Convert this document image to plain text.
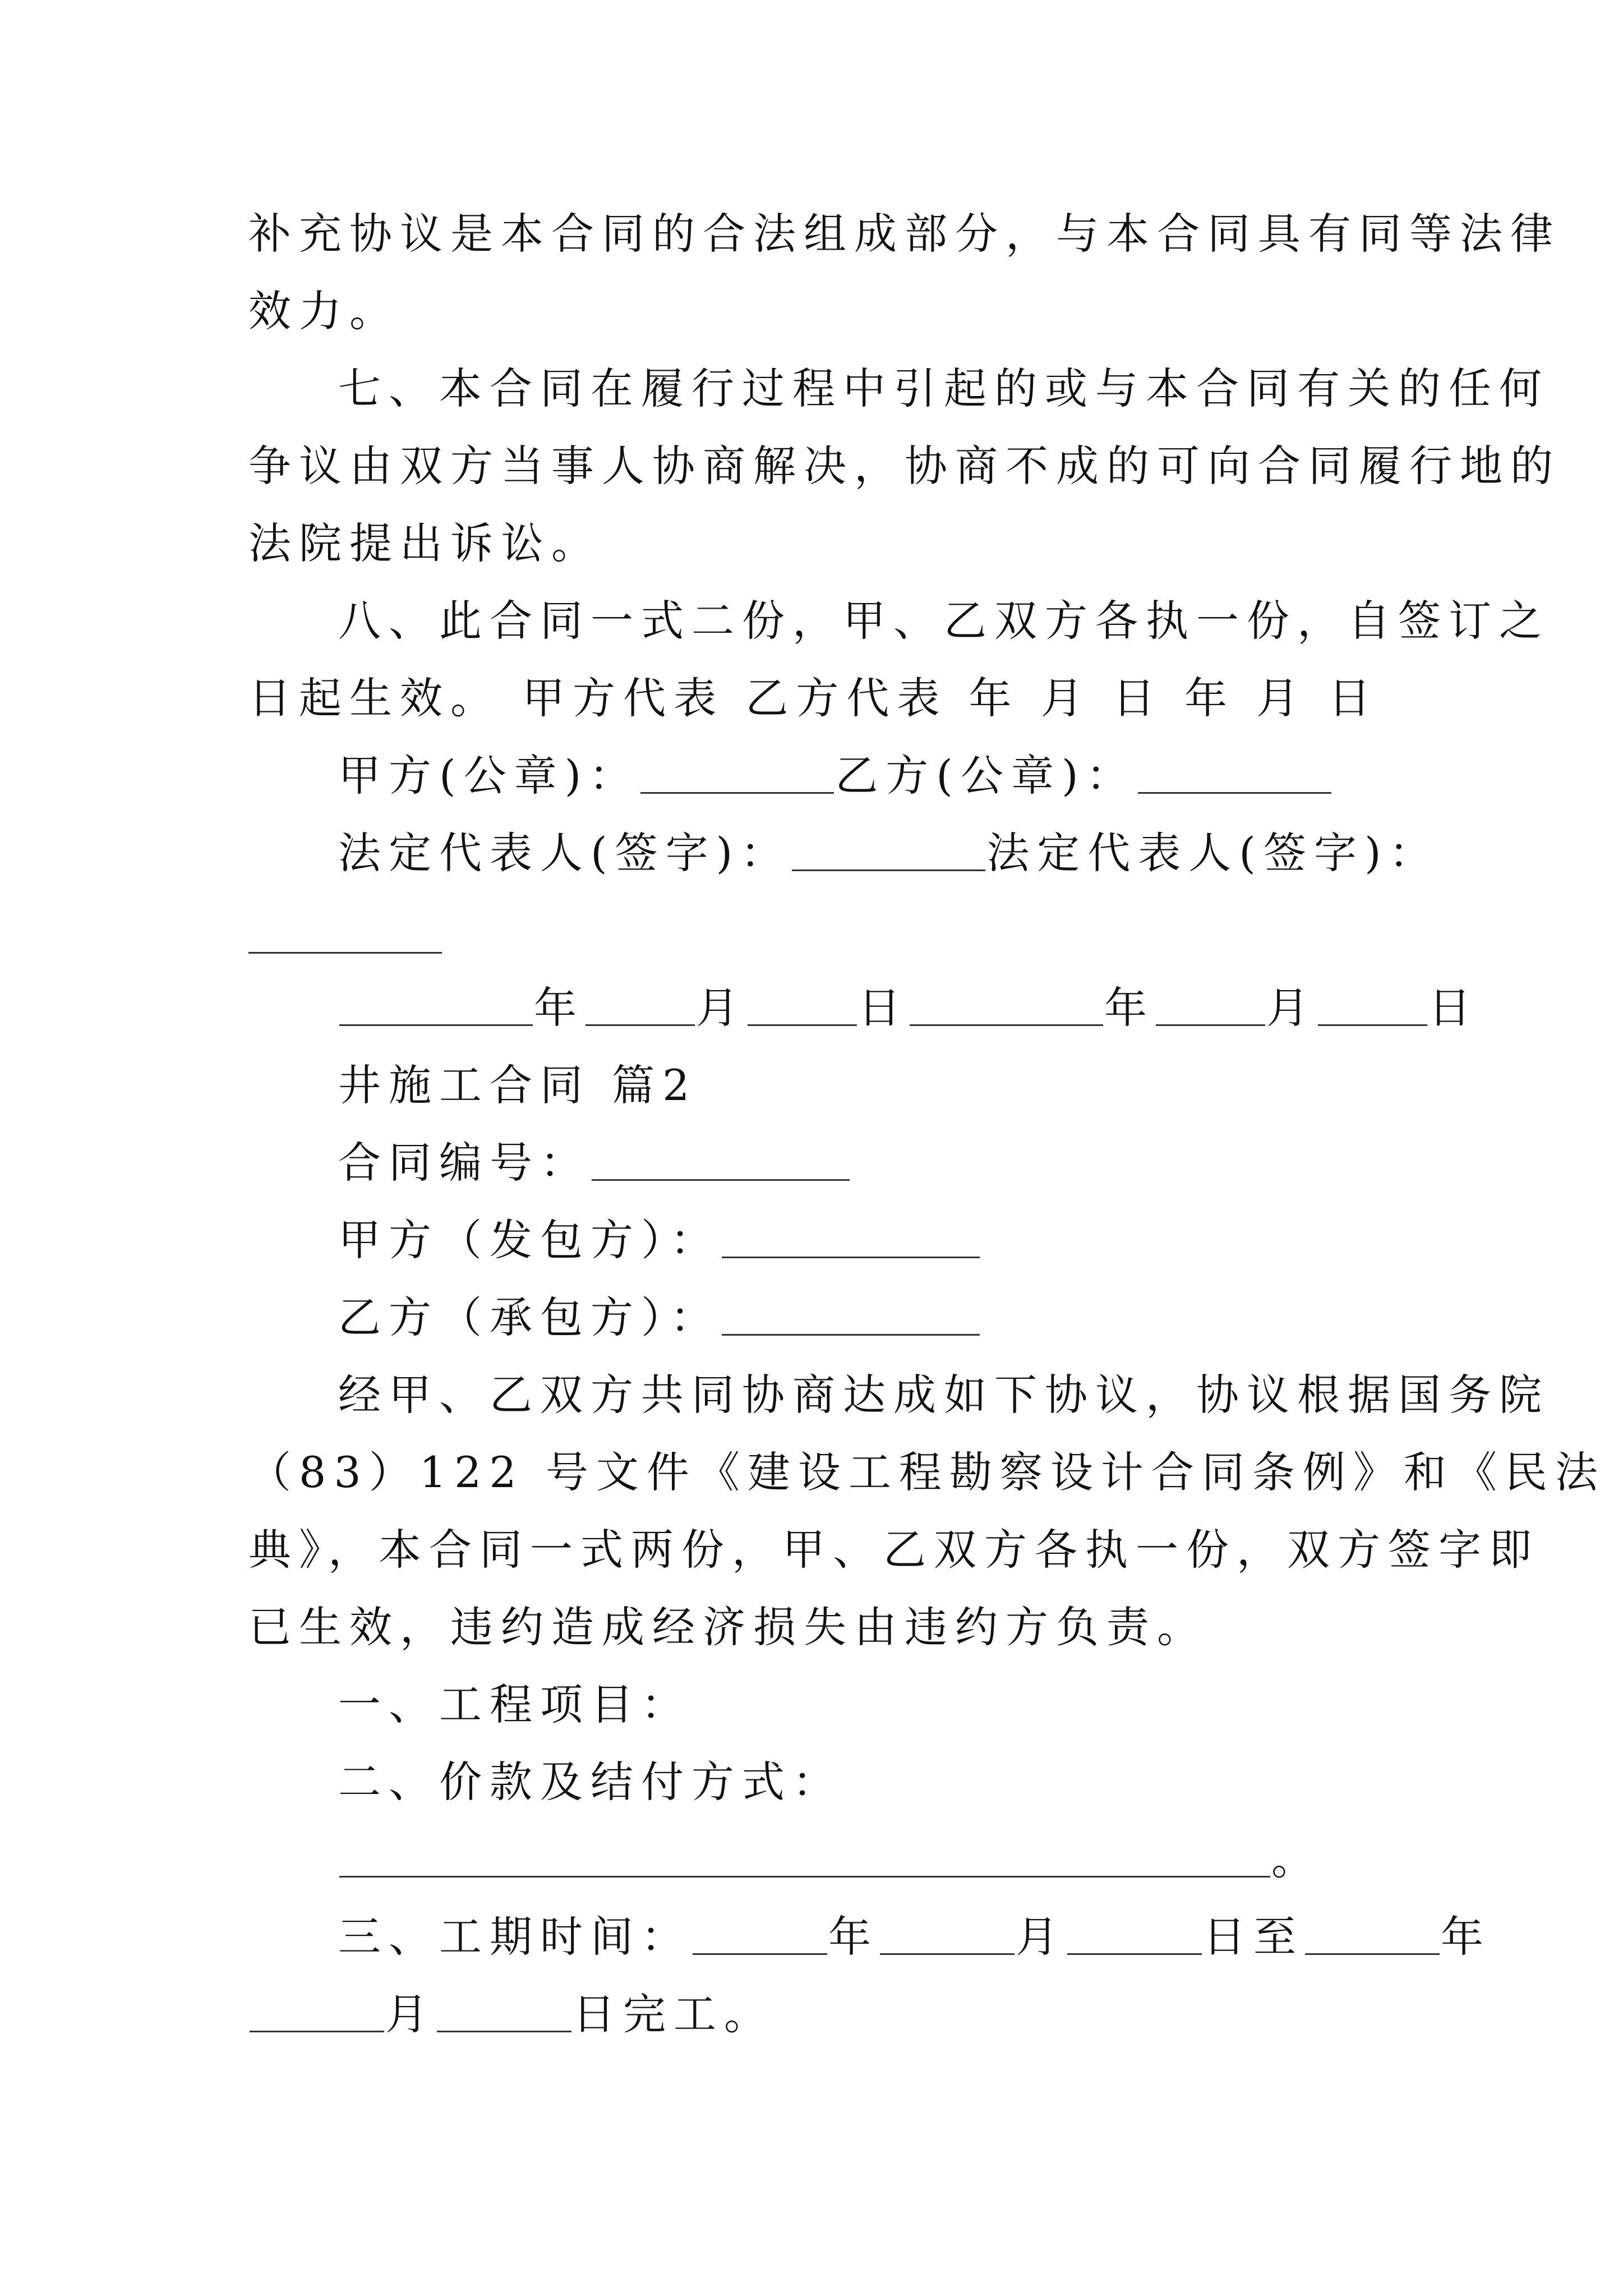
补充协议是本合同的合法组成部分，与本合同具有同等法律
效力。
七、本合同在履行过程中引起的或与本合同有关的任何
争议由双方当事人协商解决，协商不成的可向合同履行地的
法院提出诉讼。
八、此合同一式二份，甲、乙双方各执一份，自签订之
日起生效。 甲方代表 乙方代表 年 月 日 年 月 日
甲方(公章)：	乙方(公章)：
法定代表人(签字)：	法定代表人(签字)：
年	月	日	年	月	日
井施工合同 篇2
合同编号：
甲方（发包方）：
乙方（承包方）：
经甲、乙双方共同协商达成如下协议，协议根据国务院
（83）122 号文件《建设工程勘察设计合同条例》和《民法
典》，本合同一式两份，甲、乙双方各执一份，双方签字即
已生效，违约造成经济损失由违约方负责。
一、工程项目：
二、价款及结付方式：
。
三、工期时间：	年	月	日至	年
月	日完工。
